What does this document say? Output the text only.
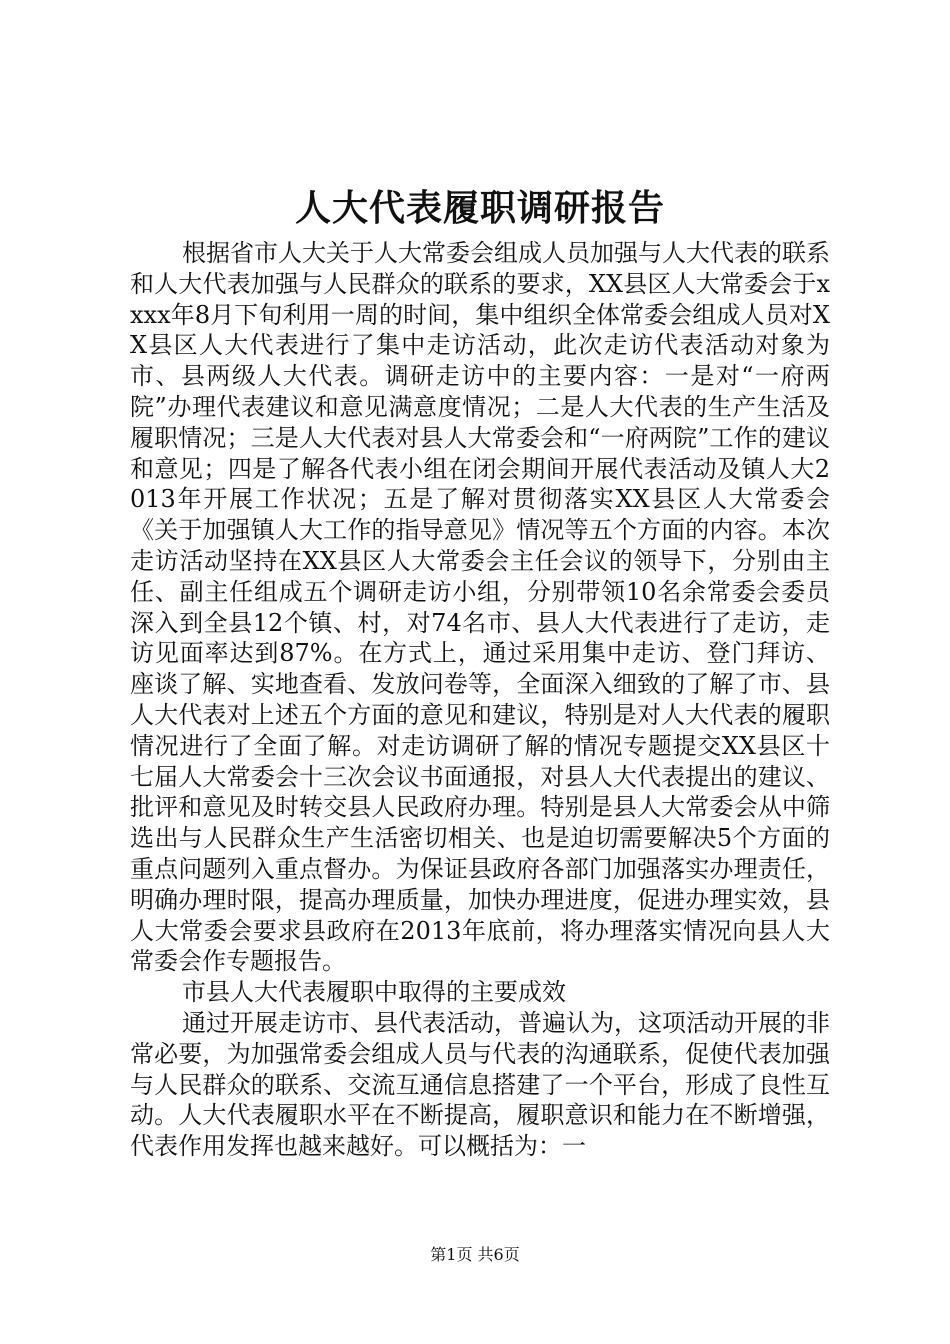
人大代表履职调研报告

根据省市人大关于人大常委会组成人员加强与人大代表的联系和人大代表加强与人民群众的联系的要求，XX县区人大常委会于xxxx年8月下旬利用一周的时间，集中组织全体常委会组成人员对XX县区人大代表进行了集中走访活动，此次走访代表活动对象为市、县两级人大代表。调研走访中的主要内容：一是对“一府两院”办理代表建议和意见满意度情况；二是人大代表的生产生活及履职情况；三是人大代表对县人大常委会和“一府两院”工作的建议和意见；四是了解各代表小组在闭会期间开展代表活动及镇人大2013年开展工作状况；五是了解对贯彻落实XX县区人大常委会《关于加强镇人大工作的指导意见》情况等五个方面的内容。本次走访活动坚持在XX县区人大常委会主任会议的领导下，分别由主任、副主任组成五个调研走访小组，分别带领10名余常委会委员深入到全县12个镇、村，对74名市、县人大代表进行了走访，走访见面率达到87%。在方式上，通过采用集中走访、登门拜访、座谈了解、实地查看、发放问卷等，全面深入细致的了解了市、县人大代表对上述五个方面的意见和建议，特别是对人大代表的履职情况进行了全面了解。对走访调研了解的情况专题提交XX县区十七届人大常委会十三次会议书面通报，对县人大代表提出的建议、批评和意见及时转交县人民政府办理。特别是县人大常委会从中筛选出与人民群众生产生活密切相关、也是迫切需要解决5个方面的重点问题列入重点督办。为保证县政府各部门加强落实办理责任，明确办理时限，提高办理质量，加快办理进度，促进办理实效，县人大常委会要求县政府在2013年底前，将办理落实情况向县人大常委会作专题报告。

市县人大代表履职中取得的主要成效

通过开展走访市、县代表活动，普遍认为，这项活动开展的非常必要，为加强常委会组成人员与代表的沟通联系，促使代表加强与人民群众的联系、交流互通信息搭建了一个平台，形成了良性互动。人大代表履职水平在不断提高，履职意识和能力在不断增强，代表作用发挥也越来越好。可以概括为：一

第1页 共6页
